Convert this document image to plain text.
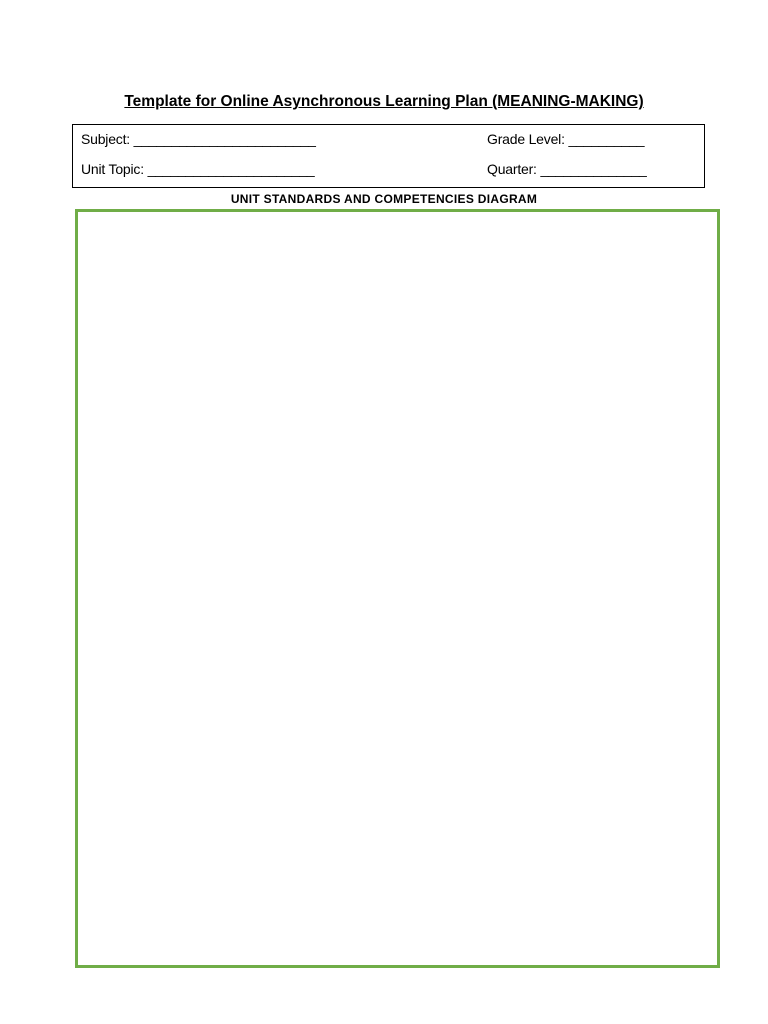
Template for Online Asynchronous Learning Plan (MEANING-MAKING)
Subject: ________________________
Unit Topic: ______________________
Grade Level: __________
Quarter: ______________
UNIT STANDARDS AND COMPETENCIES DIAGRAM
